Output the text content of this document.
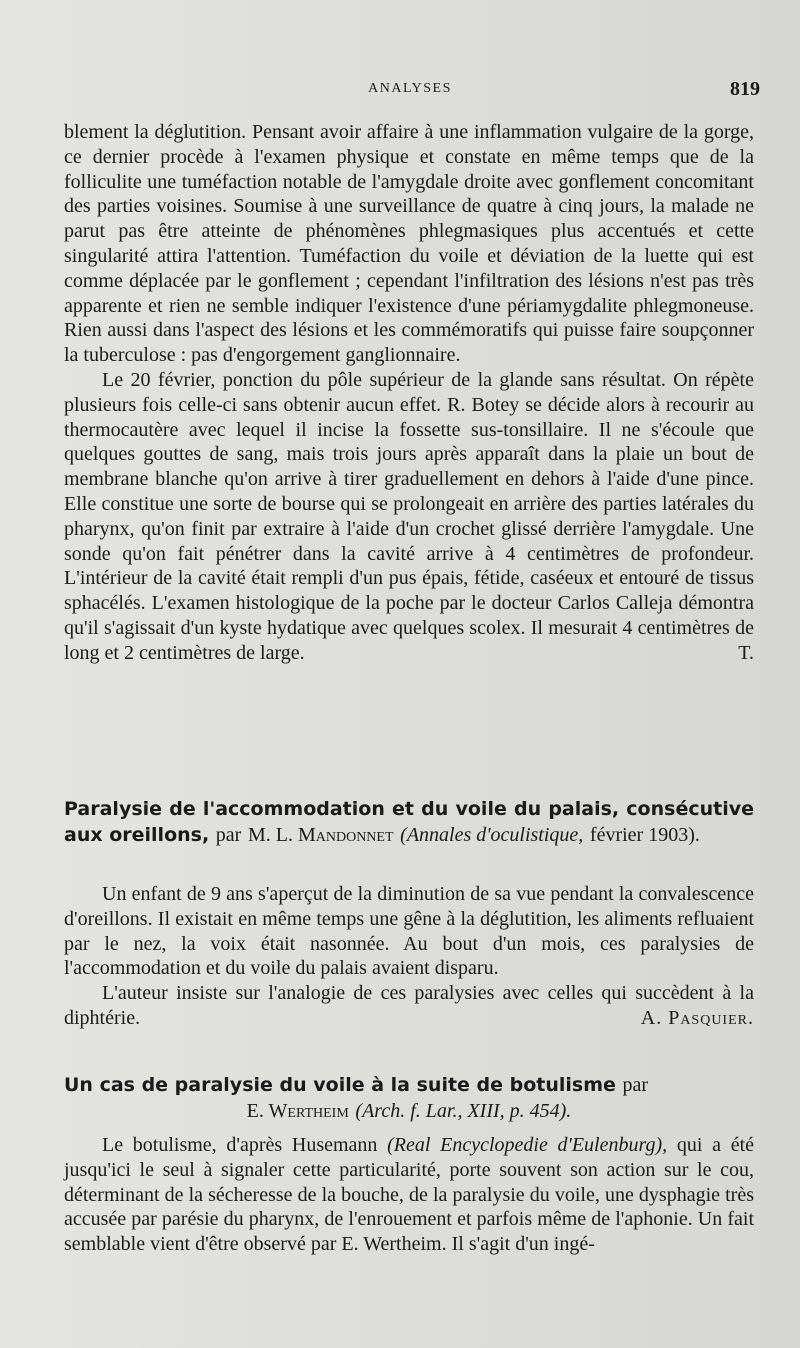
ANALYSES	819

blement la déglutition. Pensant avoir affaire à une inflammation vulgaire de la gorge, ce dernier procède à l'examen physique et constate en même temps que de la folliculite une tuméfaction notable de l'amygdale droite avec gonflement concomitant des parties voisines. Soumise à une surveillance de quatre à cinq jours, la malade ne parut pas être atteinte de phénomènes phlegmasiques plus accentués et cette singularité attira l'attention. Tuméfaction du voile et déviation de la luette qui est comme déplacée par le gonflement ; cependant l'infiltration des lésions n'est pas très apparente et rien ne semble indiquer l'existence d'une périamygdalite phlegmoneuse. Rien aussi dans l'aspect des lésions et les commémoratifs qui puisse faire soupçonner la tuberculose : pas d'engorgement ganglionnaire.

Le 20 février, ponction du pôle supérieur de la glande sans résultat. On répète plusieurs fois celle-ci sans obtenir aucun effet. R. Botey se décide alors à recourir au thermocautère avec lequel il incise la fossette sus-tonsillaire. Il ne s'écoule que quelques gouttes de sang, mais trois jours après apparaît dans la plaie un bout de membrane blanche qu'on arrive à tirer graduellement en dehors à l'aide d'une pince. Elle constitue une sorte de bourse qui se prolongeait en arrière des parties latérales du pharynx, qu'on finit par extraire à l'aide d'un crochet glissé derrière l'amygdale. Une sonde qu'on fait pénétrer dans la cavité arrive à 4 centimètres de profondeur. L'intérieur de la cavité était rempli d'un pus épais, fétide, caséeux et entouré de tissus sphacélés. L'examen histologique de la poche par le docteur Carlos Calleja démontra qu'il s'agissait d'un kyste hydatique avec quelques scolex. Il mesurait 4 centimètres de long et 2 centimètres de large.	T.

Paralysie de l'accommodation et du voile du palais, consécutive aux oreillons, par M. L. Mandonnet (Annales d'oculistique, février 1903).

Un enfant de 9 ans s'aperçut de la diminution de sa vue pendant la convalescence d'oreillons. Il existait en même temps une gêne à la déglutition, les aliments refluaient par le nez, la voix était nasonnée. Au bout d'un mois, ces paralysies de l'accommodation et du voile du palais avaient disparu.

L'auteur insiste sur l'analogie de ces paralysies avec celles qui succèdent à la diphtérie.	A. Pasquier.

Un cas de paralysie du voile à la suite de botulisme par
E. Wertheim (Arch. f. Lar., XIII, p. 454).

Le botulisme, d'après Husemann (Real Encyclopedie d'Eulenburg), qui a été jusqu'ici le seul à signaler cette particularité, porte souvent son action sur le cou, déterminant de la sécheresse de la bouche, de la paralysie du voile, une dysphagie très accusée par parésie du pharynx, de l'enrouement et parfois même de l'aphonie. Un fait semblable vient d'être observé par E. Wertheim. Il s'agit d'un ingé-
